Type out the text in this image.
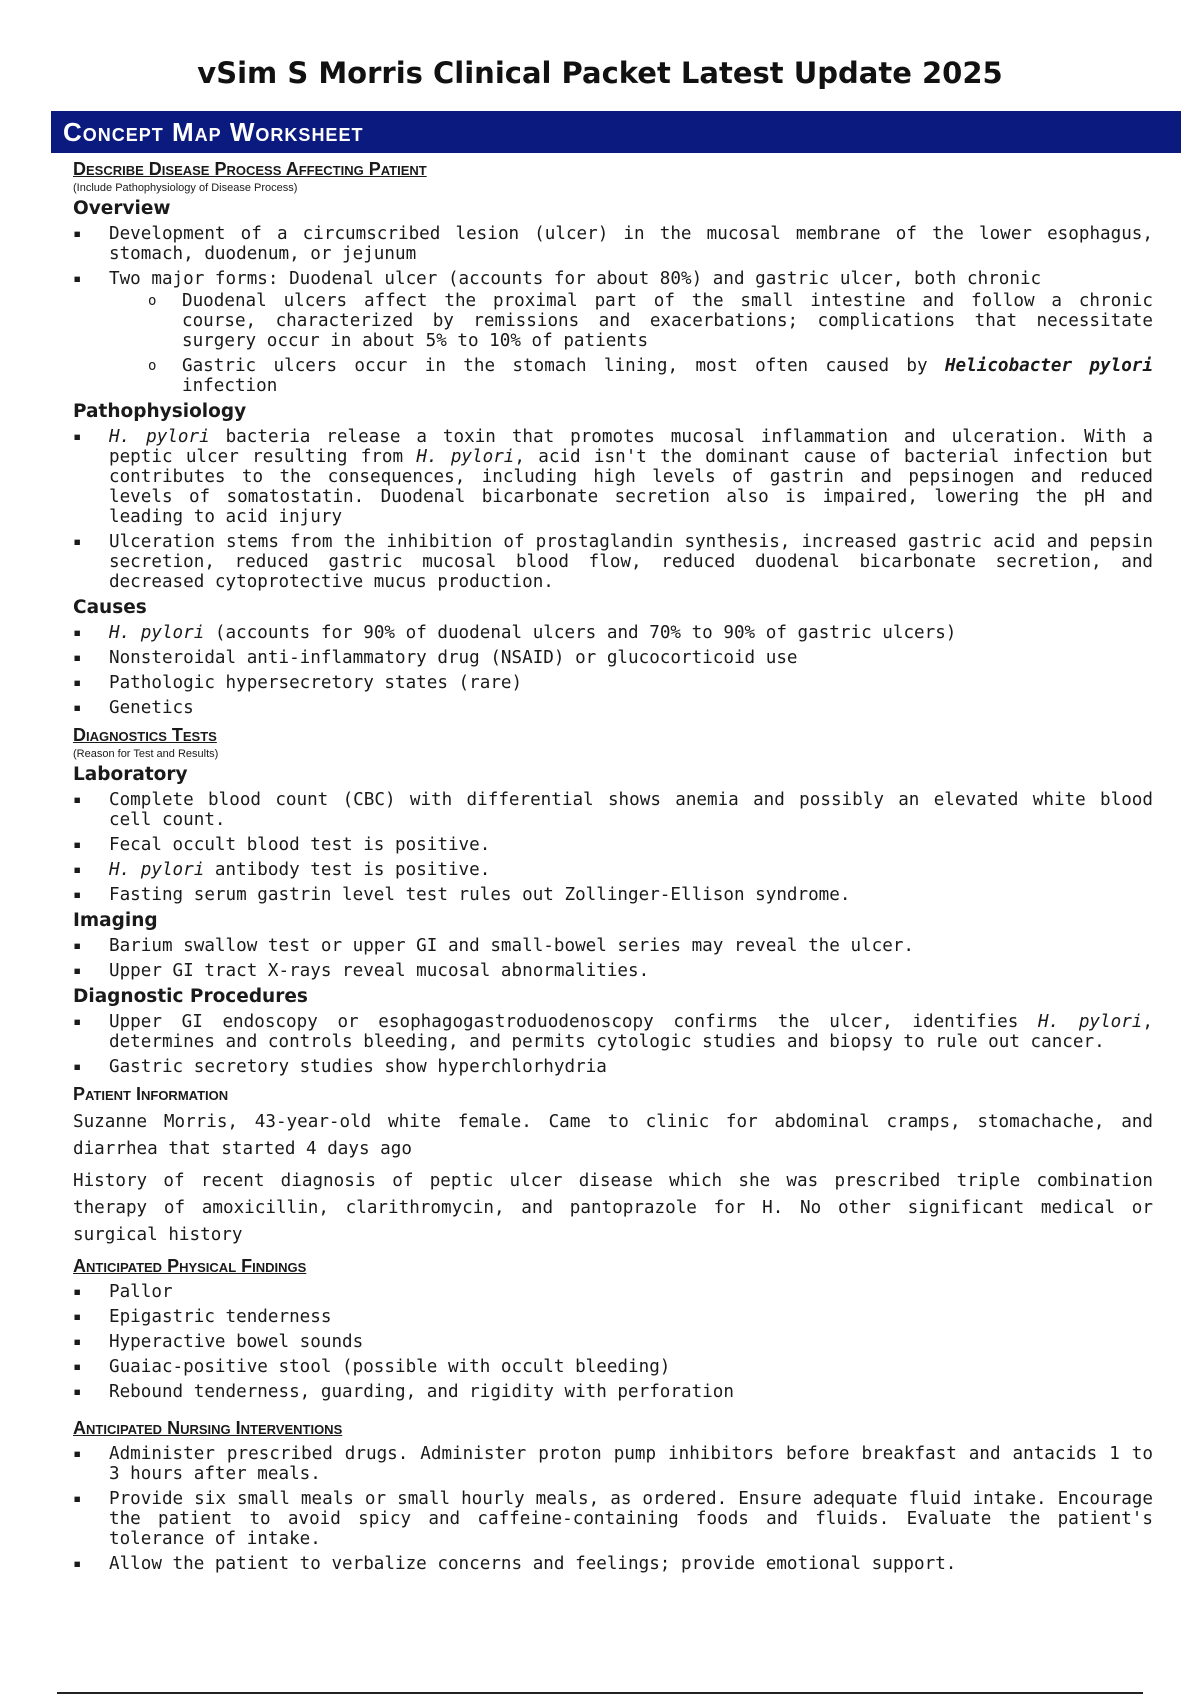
vSim S Morris Clinical Packet Latest Update 2025
Concept Map Worksheet
Describe Disease Process Affecting Patient
(Include Pathophysiology of Disease Process)
Overview
▪ Development of a circumscribed lesion (ulcer) in the mucosal membrane of the lower esophagus, stomach, duodenum, or jejunum
▪ Two major forms: Duodenal ulcer (accounts for about 80%) and gastric ulcer, both chronic
o Duodenal ulcers affect the proximal part of the small intestine and follow a chronic course, characterized by remissions and exacerbations; complications that necessitate surgery occur in about 5% to 10% of patients
o Gastric ulcers occur in the stomach lining, most often caused by Helicobacter pylori infection
Pathophysiology
▪ H. pylori bacteria release a toxin that promotes mucosal inflammation and ulceration. With a peptic ulcer resulting from H. pylori, acid isn't the dominant cause of bacterial infection but contributes to the consequences, including high levels of gastrin and pepsinogen and reduced levels of somatostatin. Duodenal bicarbonate secretion also is impaired, lowering the pH and leading to acid injury
▪ Ulceration stems from the inhibition of prostaglandin synthesis, increased gastric acid and pepsin secretion, reduced gastric mucosal blood flow, reduced duodenal bicarbonate secretion, and decreased cytoprotective mucus production.
Causes
▪ H. pylori (accounts for 90% of duodenal ulcers and 70% to 90% of gastric ulcers)
▪ Nonsteroidal anti-inflammatory drug (NSAID) or glucocorticoid use
▪ Pathologic hypersecretory states (rare)
▪ Genetics
Diagnostics Tests
(Reason for Test and Results)
Laboratory
▪ Complete blood count (CBC) with differential shows anemia and possibly an elevated white blood cell count.
▪ Fecal occult blood test is positive.
▪ H. pylori antibody test is positive.
▪ Fasting serum gastrin level test rules out Zollinger-Ellison syndrome.
Imaging
▪ Barium swallow test or upper GI and small-bowel series may reveal the ulcer.
▪ Upper GI tract X-rays reveal mucosal abnormalities.
Diagnostic Procedures
▪ Upper GI endoscopy or esophagogastroduodenoscopy confirms the ulcer, identifies H. pylori, determines and controls bleeding, and permits cytologic studies and biopsy to rule out cancer.
▪ Gastric secretory studies show hyperchlorhydria
Patient Information
Suzanne Morris, 43-year-old white female. Came to clinic for abdominal cramps, stomachache, and diarrhea that started 4 days ago
History of recent diagnosis of peptic ulcer disease which she was prescribed triple combination therapy of amoxicillin, clarithromycin, and pantoprazole for H. No other significant medical or surgical history
Anticipated Physical Findings
▪ Pallor
▪ Epigastric tenderness
▪ Hyperactive bowel sounds
▪ Guaiac-positive stool (possible with occult bleeding)
▪ Rebound tenderness, guarding, and rigidity with perforation
Anticipated Nursing Interventions
▪ Administer prescribed drugs. Administer proton pump inhibitors before breakfast and antacids 1 to 3 hours after meals.
▪ Provide six small meals or small hourly meals, as ordered. Ensure adequate fluid intake. Encourage the patient to avoid spicy and caffeine-containing foods and fluids. Evaluate the patient's tolerance of intake.
▪ Allow the patient to verbalize concerns and feelings; provide emotional support.
